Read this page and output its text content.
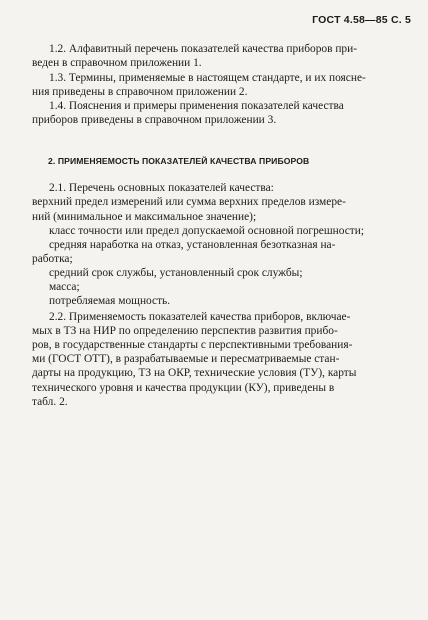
ГОСТ 4.58—85 С. 5
1.2. Алфавитный перечень показателей качества приборов при-
веден в справочном приложении 1.
1.3. Термины, применяемые в настоящем стандарте, и их поясне-
ния приведены в справочном приложении 2.
1.4. Пояснения и примеры применения показателей качества
приборов приведены в справочном приложении 3.
2. ПРИМЕНЯЕМОСТЬ ПОКАЗАТЕЛЕЙ КАЧЕСТВА ПРИБОРОВ
2.1. Перечень основных показателей качества:
верхний предел измерений или сумма верхних пределов измере-
ний (минимальное и максимальное значение);
класс точности или предел допускаемой основной погрешности;
средняя наработка на отказ, установленная безотказная на-
работка;
средний срок службы, установленный срок службы;
масса;
потребляемая мощность.
2.2. Применяемость показателей качества приборов, включае-
мых в ТЗ на НИР по определению перспектив развития прибо-
ров, в государственные стандарты с перспективными требования-
ми (ГОСТ ОТТ), в разрабатываемые и пересматриваемые стан-
дарты на продукцию, ТЗ на ОКР, технические условия (ТУ), карты
технического уровня и качества продукции (КУ), приведены в
табл. 2.
